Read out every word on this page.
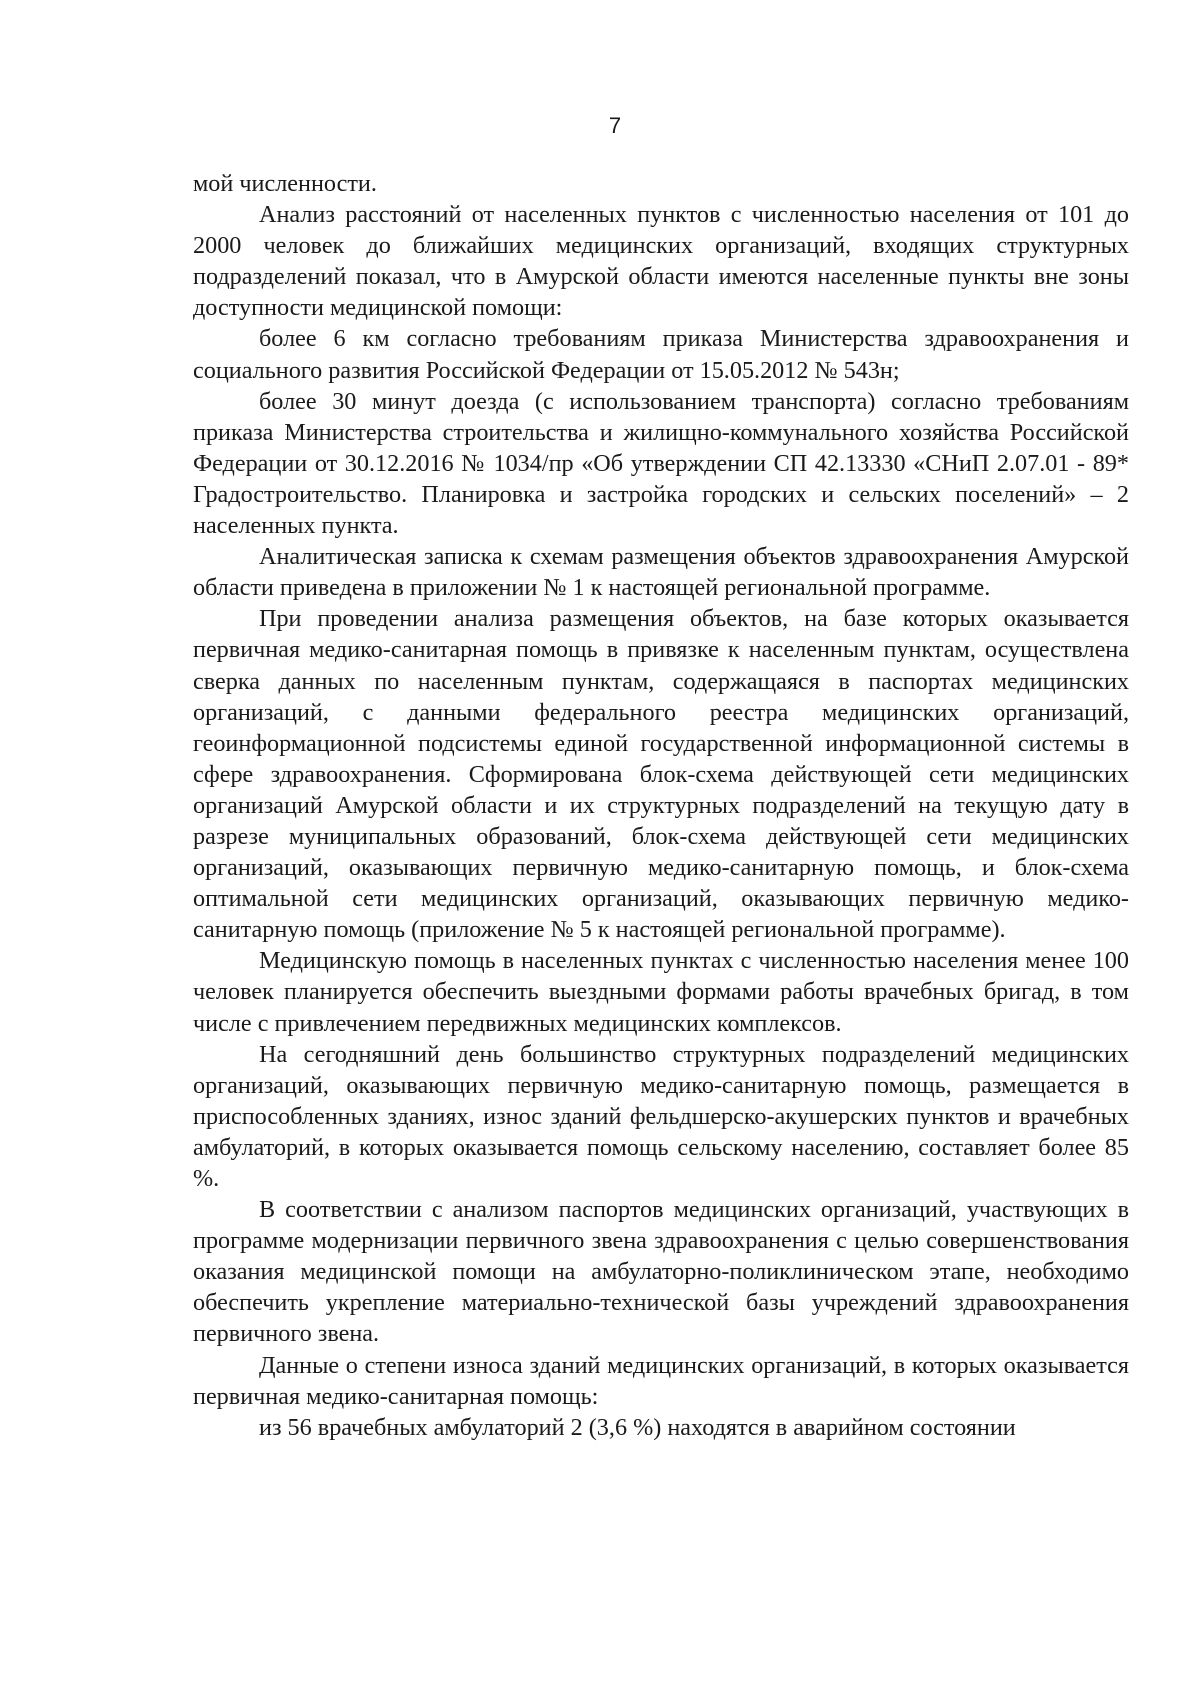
7

мой численности.

Анализ расстояний от населенных пунктов с численностью населения от 101 до 2000 человек до ближайших медицинских организаций, входящих структурных подразделений показал, что в Амурской области имеются населенные пункты вне зоны доступности медицинской помощи:

более 6 км согласно требованиям приказа Министерства здравоохранения и социального развития Российской Федерации от 15.05.2012 № 543н;

более 30 минут доезда (с использованием транспорта) согласно требованиям приказа Министерства строительства и жилищно-коммунального хозяйства Российской Федерации от 30.12.2016 № 1034/пр «Об утверждении СП 42.13330 «СНиП 2.07.01 - 89* Градостроительство. Планировка и застройка городских и сельских поселений» – 2 населенных пункта.

Аналитическая записка к схемам размещения объектов здравоохранения Амурской области приведена в приложении № 1 к настоящей региональной программе.

При проведении анализа размещения объектов, на базе которых оказывается первичная медико-санитарная помощь в привязке к населенным пунктам, осуществлена сверка данных по населенным пунктам, содержащаяся в паспортах медицинских организаций, с данными федерального реестра медицинских организаций, геоинформационной подсистемы единой государственной информационной системы в сфере здравоохранения. Сформирована блок-схема действующей сети медицинских организаций Амурской области и их структурных подразделений на текущую дату в разрезе муниципальных образований, блок-схема действующей сети медицинских организаций, оказывающих первичную медико-санитарную помощь, и блок-схема оптимальной сети медицинских организаций, оказывающих первичную медико-санитарную помощь (приложение № 5 к настоящей региональной программе).

Медицинскую помощь в населенных пунктах с численностью населения менее 100 человек планируется обеспечить выездными формами работы врачебных бригад, в том числе с привлечением передвижных медицинских комплексов.

На сегодняшний день большинство структурных подразделений медицинских организаций, оказывающих первичную медико-санитарную помощь, размещается в приспособленных зданиях, износ зданий фельдшерско-акушерских пунктов и врачебных амбулаторий, в которых оказывается помощь сельскому населению, составляет более 85 %.

В соответствии с анализом паспортов медицинских организаций, участвующих в программе модернизации первичного звена здравоохранения с целью совершенствования оказания медицинской помощи на амбулаторно-поликлиническом этапе, необходимо обеспечить укрепление материально-технической базы учреждений здравоохранения первичного звена.

Данные о степени износа зданий медицинских организаций, в которых оказывается первичная медико-санитарная помощь:

из 56 врачебных амбулаторий 2 (3,6 %) находятся в аварийном состоянии
